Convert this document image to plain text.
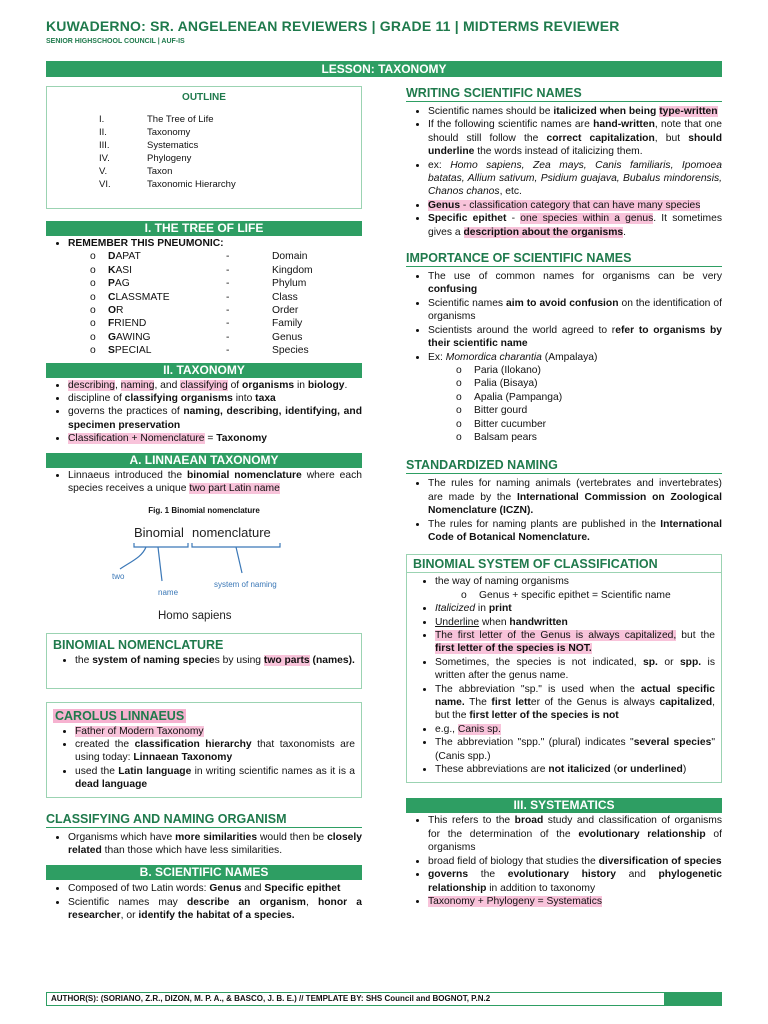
KUWADERNO: SR. ANGELENEAN REVIEWERS | GRADE 11 | MIDTERMS REVIEWER
SENIOR HIGHSCHOOL COUNCIL | AUF-IS
LESSON: TAXONOMY
OUTLINE
I.	The Tree of Life
II.	Taxonomy
III.	Systematics
IV.	Phylogeny
V.	Taxon
VI.	Taxonomic Hierarchy
I. THE TREE OF LIFE
• REMEMBER THIS PNEUMONIC:
o	DAPAT	-	Domain
o	KASI	-	Kingdom
o	PAG	-	Phylum
o	CLASSMATE	-	Class
o	OR	-	Order
o	FRIEND	-	Family
o	GAWING	-	Genus
o	SPECIAL	-	Species
II. TAXONOMY
• describing, naming, and classifying of organisms in biology.
• discipline of classifying organisms into taxa
• governs the practices of naming, describing, identifying, and specimen preservation
• Classification + Nomenclature = Taxonomy
A. LINNAEAN TAXONOMY
• Linnaeus introduced the binomial nomenclature where each species receives a unique two part Latin name
Fig. 1 Binomial nomenclature
Binomial nomenclature
two
name
system of naming
Homo sapiens
BINOMIAL NOMENCLATURE
• the system of naming species by using two parts (names).
CAROLUS LINNAEUS
• Father of Modern Taxonomy
• created the classification hierarchy that taxonomists are using today: Linnaean Taxonomy
• used the Latin language in writing scientific names as it is a dead language
CLASSIFYING AND NAMING ORGANISM
• Organisms which have more similarities would then be closely related than those which have less similarities.
B. SCIENTIFIC NAMES
• Composed of two Latin words: Genus and Specific epithet
• Scientific names may describe an organism, honor a researcher, or identify the habitat of a species.
WRITING SCIENTIFIC NAMES
• Scientific names should be italicized when being type-written
• If the following scientific names are hand-written, note that one should still follow the correct capitalization, but should underline the words instead of italicizing them.
• ex: Homo sapiens, Zea mays, Canis familiaris, Ipomoea batatas, Allium sativum, Psidium guajava, Bubalus mindorensis, Chanos chanos, etc.
• Genus - classification category that can have many species
• Specific epithet - one species within a genus. It sometimes gives a description about the organisms.
IMPORTANCE OF SCIENTIFIC NAMES
• The use of common names for organisms can be very confusing
• Scientific names aim to avoid confusion on the identification of organisms
• Scientists around the world agreed to refer to organisms by their scientific name
• Ex: Momordica charantia (Ampalaya)
o Paria (Ilokano)
o Palia (Bisaya)
o Apalia (Pampanga)
o Bitter gourd
o Bitter cucumber
o Balsam pears
STANDARDIZED NAMING
• The rules for naming animals (vertebrates and invertebrates) are made by the International Commission on Zoological Nomenclature (ICZN).
• The rules for naming plants are published in the International Code of Botanical Nomenclature.
BINOMIAL SYSTEM OF CLASSIFICATION
• the way of naming organisms
o Genus + specific epithet = Scientific name
• Italicized in print
• Underline when handwritten
• The first letter of the Genus is always capitalized, but the first letter of the species is NOT.
• Sometimes, the species is not indicated, sp. or spp. is written after the genus name.
• The abbreviation "sp." is used when the actual specific name. The first letter of the Genus is always capitalized, but the first letter of the species is not
• e.g., Canis sp.
• The abbreviation "spp." (plural) indicates "several species" (Canis spp.)
• These abbreviations are not italicized (or underlined)
III. SYSTEMATICS
• This refers to the broad study and classification of organisms for the determination of the evolutionary relationship of organisms
• broad field of biology that studies the diversification of species
• governs the evolutionary history and phylogenetic relationship in addition to taxonomy
• Taxonomy + Phylogeny = Systematics
AUTHOR(S): (SORIANO, Z.R., DIZON, M. P. A., & BASCO, J. B. E.) // TEMPLATE BY: SHS Council and BOGNOT, P.N.2
